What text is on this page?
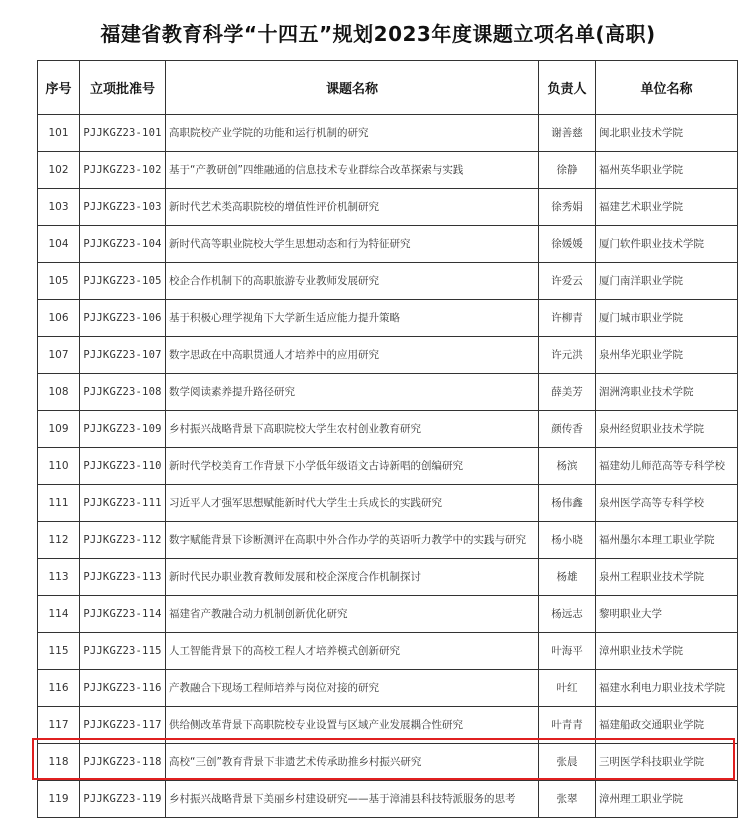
福建省教育科学“十四五”规划2023年度课题立项名单(高职)
序号	立项批准号	课题名称	负责人	单位名称
101	PJJKGZ23-101	高职院校产业学院的功能和运行机制的研究	谢善慈	闽北职业技术学院
102	PJJKGZ23-102	基于“产教研创”四维融通的信息技术专业群综合改革探索与实践	徐静	福州英华职业学院
103	PJJKGZ23-103	新时代艺术类高职院校的增值性评价机制研究	徐秀娟	福建艺术职业学院
104	PJJKGZ23-104	新时代高等职业院校大学生思想动态和行为特征研究	徐媛媛	厦门软件职业技术学院
105	PJJKGZ23-105	校企合作机制下的高职旅游专业教师发展研究	许爱云	厦门南洋职业学院
106	PJJKGZ23-106	基于积极心理学视角下大学新生适应能力提升策略	许柳青	厦门城市职业学院
107	PJJKGZ23-107	数字思政在中高职贯通人才培养中的应用研究	许元洪	泉州华光职业学院
108	PJJKGZ23-108	数学阅读素养提升路径研究	薛美芳	湄洲湾职业技术学院
109	PJJKGZ23-109	乡村振兴战略背景下高职院校大学生农村创业教育研究	颜传香	泉州经贸职业技术学院
110	PJJKGZ23-110	新时代学校美育工作背景下小学低年级语文古诗新唱的创编研究	杨滨	福建幼儿师范高等专科学校
111	PJJKGZ23-111	习近平人才强军思想赋能新时代大学生士兵成长的实践研究	杨伟鑫	泉州医学高等专科学校
112	PJJKGZ23-112	数字赋能背景下诊断测评在高职中外合作办学的英语听力教学中的实践与研究	杨小晓	福州墨尔本理工职业学院
113	PJJKGZ23-113	新时代民办职业教育教师发展和校企深度合作机制探讨	杨雄	泉州工程职业技术学院
114	PJJKGZ23-114	福建省产教融合动力机制创新优化研究	杨远志	黎明职业大学
115	PJJKGZ23-115	人工智能背景下的高校工程人才培养模式创新研究	叶海平	漳州职业技术学院
116	PJJKGZ23-116	产教融合下现场工程师培养与岗位对接的研究	叶红	福建水利电力职业技术学院
117	PJJKGZ23-117	供给侧改革背景下高职院校专业设置与区域产业发展耦合性研究	叶青青	福建船政交通职业学院
118	PJJKGZ23-118	高校“三创”教育背景下非遗艺术传承助推乡村振兴研究	张晨	三明医学科技职业学院
119	PJJKGZ23-119	乡村振兴战略背景下美丽乡村建设研究——基于漳浦县科技特派服务的思考	张翠	漳州理工职业学院
